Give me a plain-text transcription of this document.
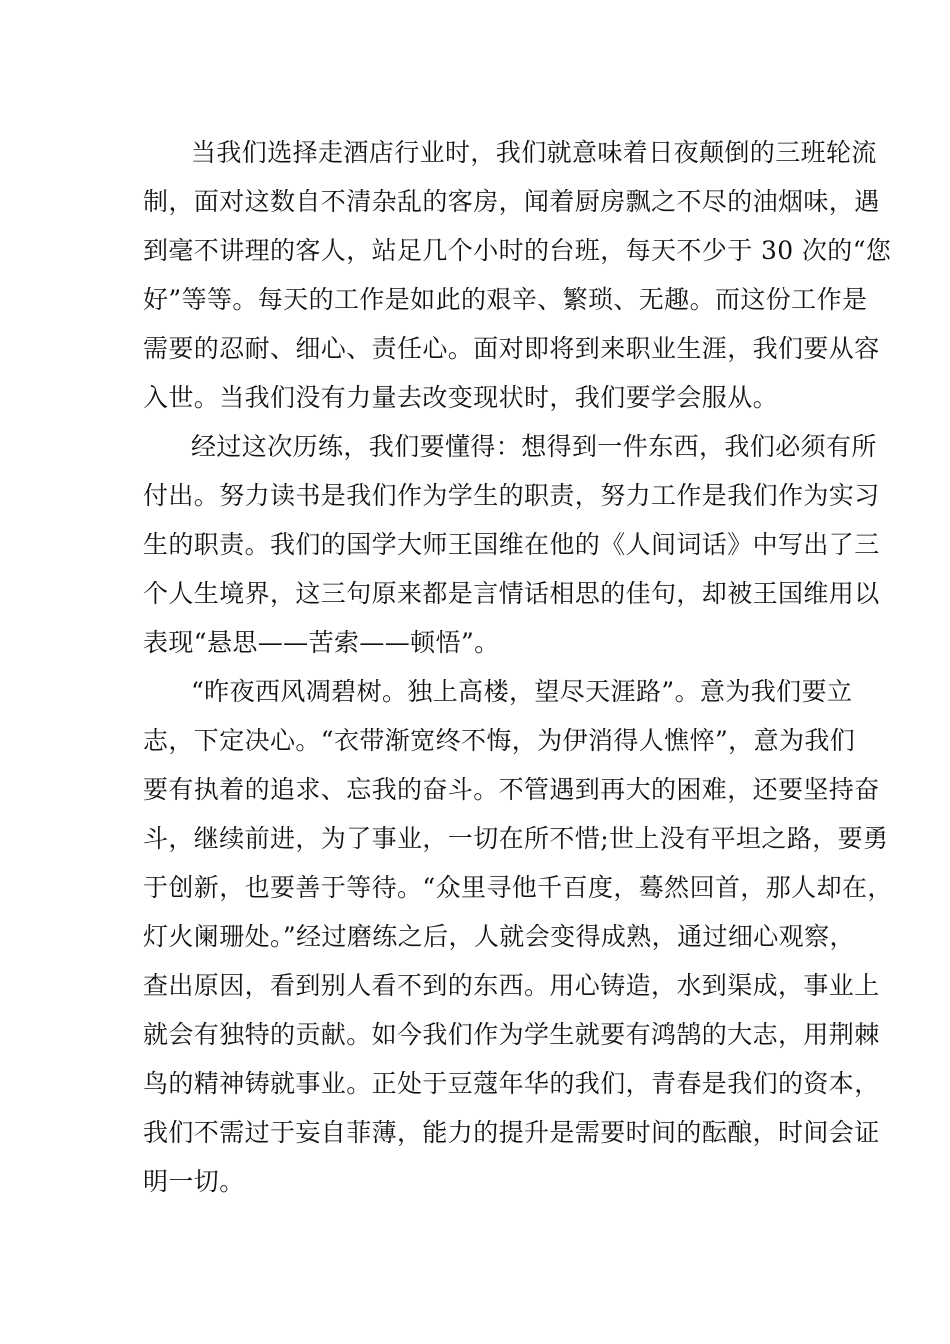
当我们选择走酒店行业时，我们就意味着日夜颠倒的三班轮流
制，面对这数自不清杂乱的客房，闻着厨房飘之不尽的油烟味，遇
到毫不讲理的客人，站足几个小时的台班，每天不少于 30 次的“您
好”等等。每天的工作是如此的艰辛、繁琐、无趣。而这份工作是
需要的忍耐、细心、责任心。面对即将到来职业生涯，我们要从容
入世。当我们没有力量去改变现状时，我们要学会服从。
经过这次历练，我们要懂得：想得到一件东西，我们必须有所
付出。努力读书是我们作为学生的职责，努力工作是我们作为实习
生的职责。我们的国学大师王国维在他的《人间词话》中写出了三
个人生境界，这三句原来都是言情话相思的佳句，却被王国维用以
表现“悬思——苦索——顿悟”。
“昨夜西风凋碧树。独上高楼，望尽天涯路”。意为我们要立
志，下定决心。“衣带渐宽终不悔，为伊消得人憔悴”，意为我们
要有执着的追求、忘我的奋斗。不管遇到再大的困难，还要坚持奋
斗，继续前进，为了事业，一切在所不惜;世上没有平坦之路，要勇
于创新，也要善于等待。“众里寻他千百度，蓦然回首，那人却在，
灯火阑珊处。”经过磨练之后，人就会变得成熟，通过细心观察，
查出原因，看到别人看不到的东西。用心铸造，水到渠成，事业上
就会有独特的贡献。如今我们作为学生就要有鸿鹄的大志，用荆棘
鸟的精神铸就事业。正处于豆蔻年华的我们，青春是我们的资本，
我们不需过于妄自菲薄，能力的提升是需要时间的酝酿，时间会证
明一切。
